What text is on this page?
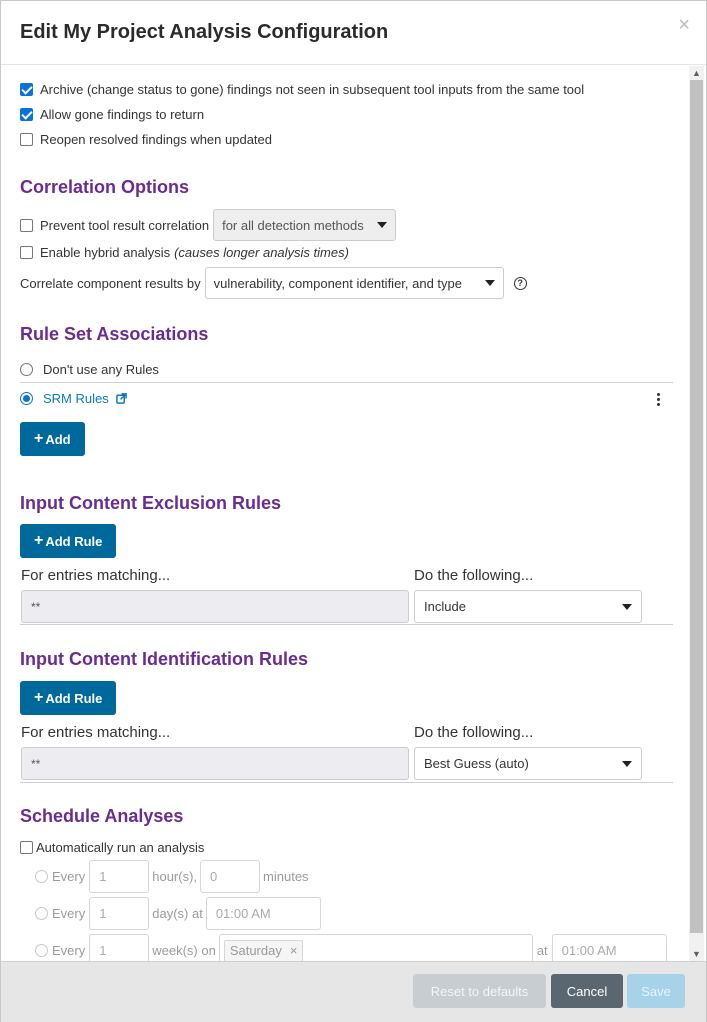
Edit My Project Analysis Configuration	×
Archive (change status to gone) findings not seen in subsequent tool inputs from the same tool
Allow gone findings to return
Reopen resolved findings when updated
Correlation Options
Prevent tool result correlation for all detection methods
Enable hybrid analysis (causes longer analysis times)
Correlate component results by vulnerability, component identifier, and type	?
Rule Set Associations
Don't use any Rules
SRM Rules
+ Add
Input Content Exclusion Rules
+ Add Rule
For entries matching...	Do the following...
**	Include
Input Content Identification Rules
+ Add Rule
For entries matching...	Do the following...
**	Best Guess (auto)
Schedule Analyses
Automatically run an analysis
Every	1	hour(s),	0	minutes
Every	1	day(s) at	01:00 AM
Every	1	week(s) on Saturday ×	at	01:00 AM
▲
▼
Reset to defaults	Cancel	Save
